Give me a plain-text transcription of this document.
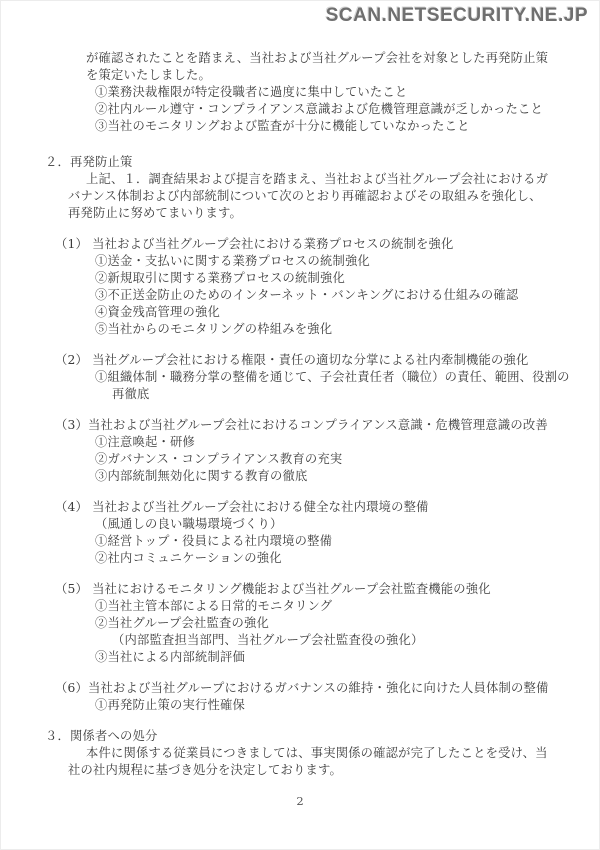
SCAN.NETSECURITY.NE.JP
が確認されたことを踏まえ、当社および当社グループ会社を対象とした再発防止策
を策定いたしました。
①業務決裁権限が特定役職者に過度に集中していたこと
②社内ルール遵守・コンプライアンス意識および危機管理意識が乏しかったこと
③当社のモニタリングおよび監査が十分に機能していなかったこと
２．再発防止策
上記、１．調査結果および提言を踏まえ、当社および当社グループ会社におけるガ
バナンス体制および内部統制について次のとおり再確認およびその取組みを強化し、
再発防止に努めてまいります。
（1） 当社および当社グループ会社における業務プロセスの統制を強化
①送金・支払いに関する業務プロセスの統制強化
②新規取引に関する業務プロセスの統制強化
③不正送金防止のためのインターネット・バンキングにおける仕組みの確認
④資金残高管理の強化
⑤当社からのモニタリングの枠組みを強化
（2） 当社グループ会社における権限・責任の適切な分掌による社内牽制機能の強化
①組織体制・職務分掌の整備を通じて、子会社責任者（職位）の責任、範囲、役割の
再徹底
（3）当社および当社グループ会社におけるコンプライアンス意識・危機管理意識の改善
①注意喚起・研修
②ガバナンス・コンプライアンス教育の充実
③内部統制無効化に関する教育の徹底
（4） 当社および当社グループ会社における健全な社内環境の整備
（風通しの良い職場環境づくり）
①経営トップ・役員による社内環境の整備
②社内コミュニケーションの強化
（5） 当社におけるモニタリング機能および当社グループ会社監査機能の強化
①当社主管本部による日常的モニタリング
②当社グループ会社監査の強化
（内部監査担当部門、当社グループ会社監査役の強化）
③当社による内部統制評価
（6）当社および当社グループにおけるガバナンスの維持・強化に向けた人員体制の整備
①再発防止策の実行性確保
３．関係者への処分
本件に関係する従業員につきましては、事実関係の確認が完了したことを受け、当
社の社内規程に基づき処分を決定しております。
2
